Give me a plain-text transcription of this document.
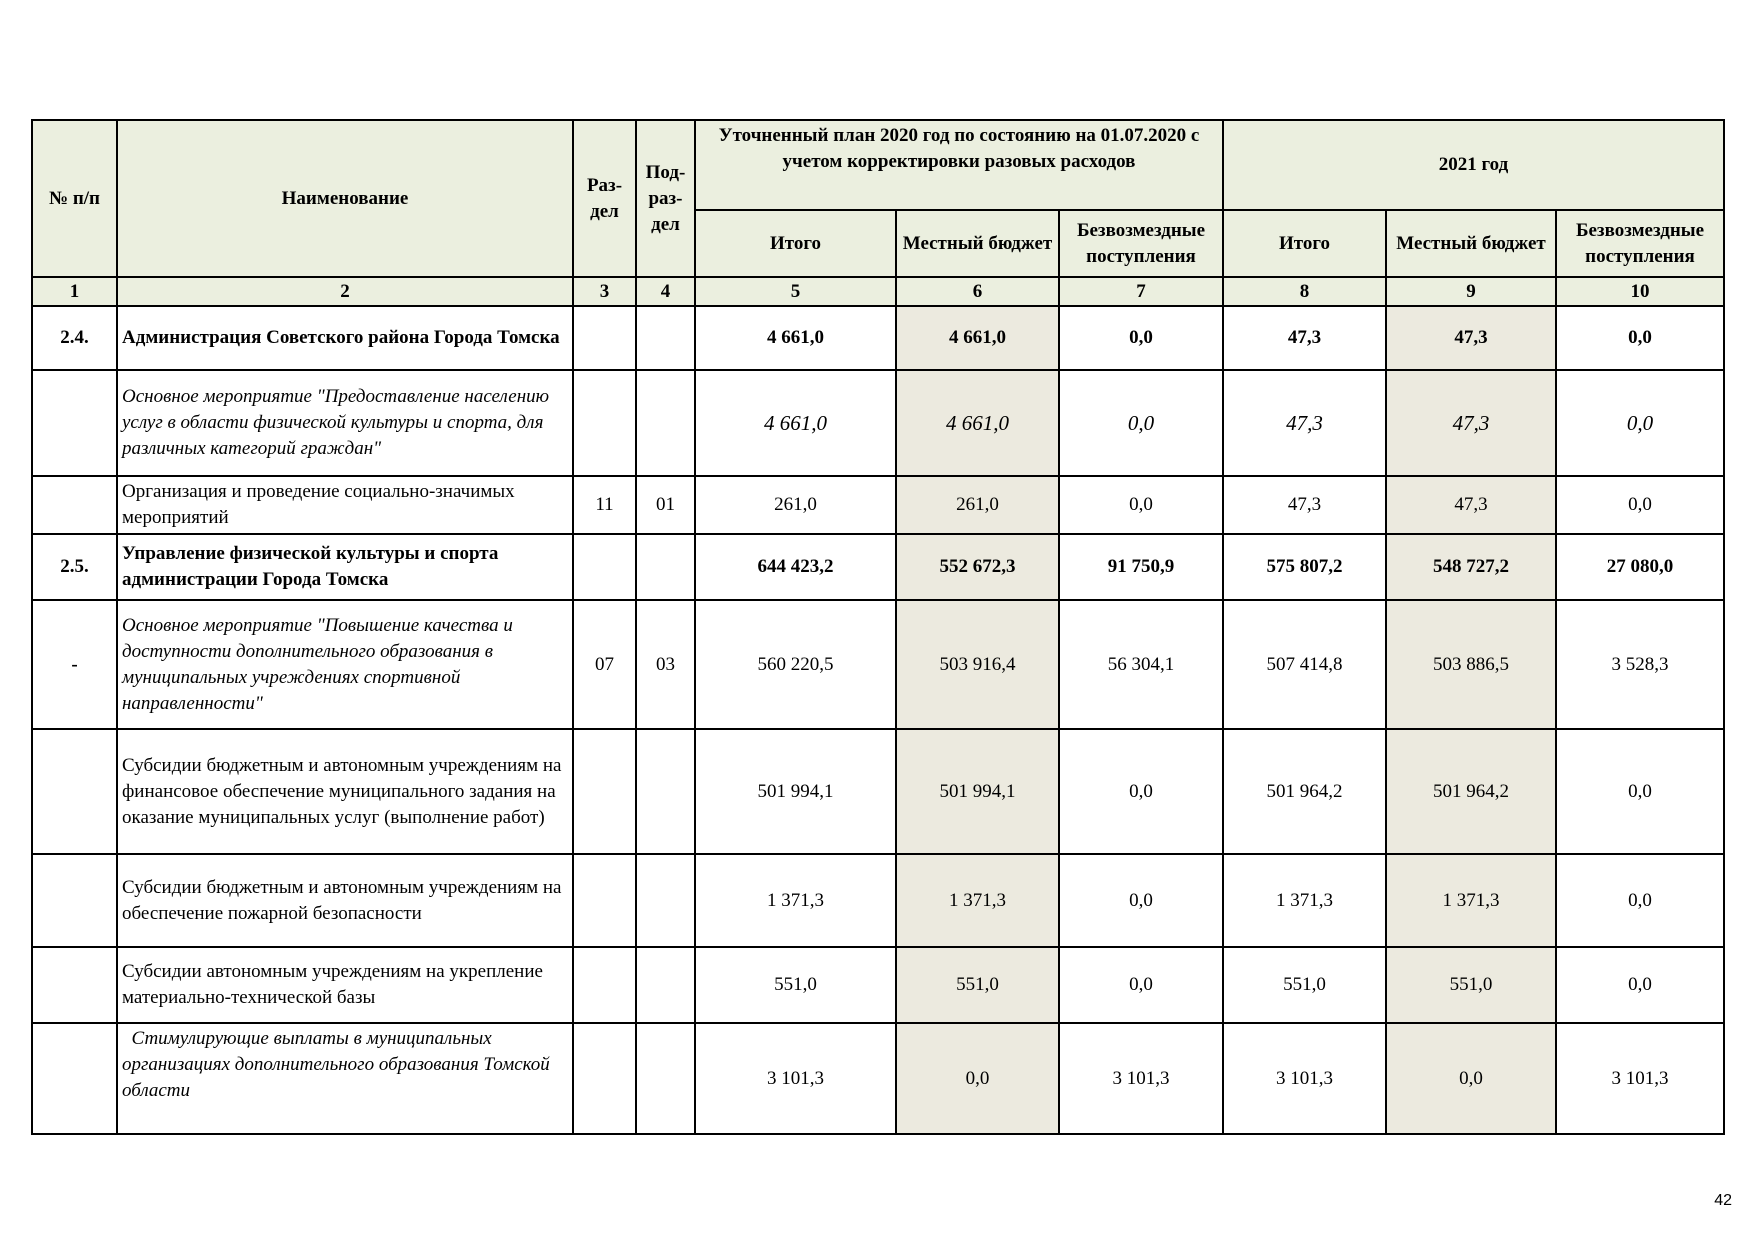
№ п/п	Наименование	Раз-дел	Под-раз-дел	Уточненный план 2020 год по состоянию на 01.07.2020 с учетом корректировки разовых расходов			2021 год		
				Итого	Местный бюджет	Безвозмездные поступления	Итого	Местный бюджет	Безвозмездные поступления
1	2	3	4	5	6	7	8	9	10
2.4.	Администрация Советского района Города Томска			4 661,0	4 661,0	0,0	47,3	47,3	0,0
	Основное мероприятие "Предоставление населению услуг в области физической культуры и спорта, для различных категорий граждан"			4 661,0	4 661,0	0,0	47,3	47,3	0,0
	Организация и проведение социально-значимых мероприятий	11	01	261,0	261,0	0,0	47,3	47,3	0,0
2.5.	Управление физической культуры и спорта администрации Города Томска			644 423,2	552 672,3	91 750,9	575 807,2	548 727,2	27 080,0
-	Основное мероприятие "Повышение качества и доступности дополнительного образования в муниципальных учреждениях спортивной направленности"	07	03	560 220,5	503 916,4	56 304,1	507 414,8	503 886,5	3 528,3
	Субсидии бюджетным и автономным учреждениям на финансовое обеспечение муниципального задания на оказание муниципальных услуг (выполнение работ)			501 994,1	501 994,1	0,0	501 964,2	501 964,2	0,0
	Субсидии бюджетным и автономным учреждениям на обеспечение пожарной безопасности			1 371,3	1 371,3	0,0	1 371,3	1 371,3	0,0
	Субсидии автономным учреждениям на укрепление материально-технической базы			551,0	551,0	0,0	551,0	551,0	0,0
	Стимулирующие выплаты в муниципальных организациях дополнительного образования Томской области			3 101,3	0,0	3 101,3	3 101,3	0,0	3 101,3
42
